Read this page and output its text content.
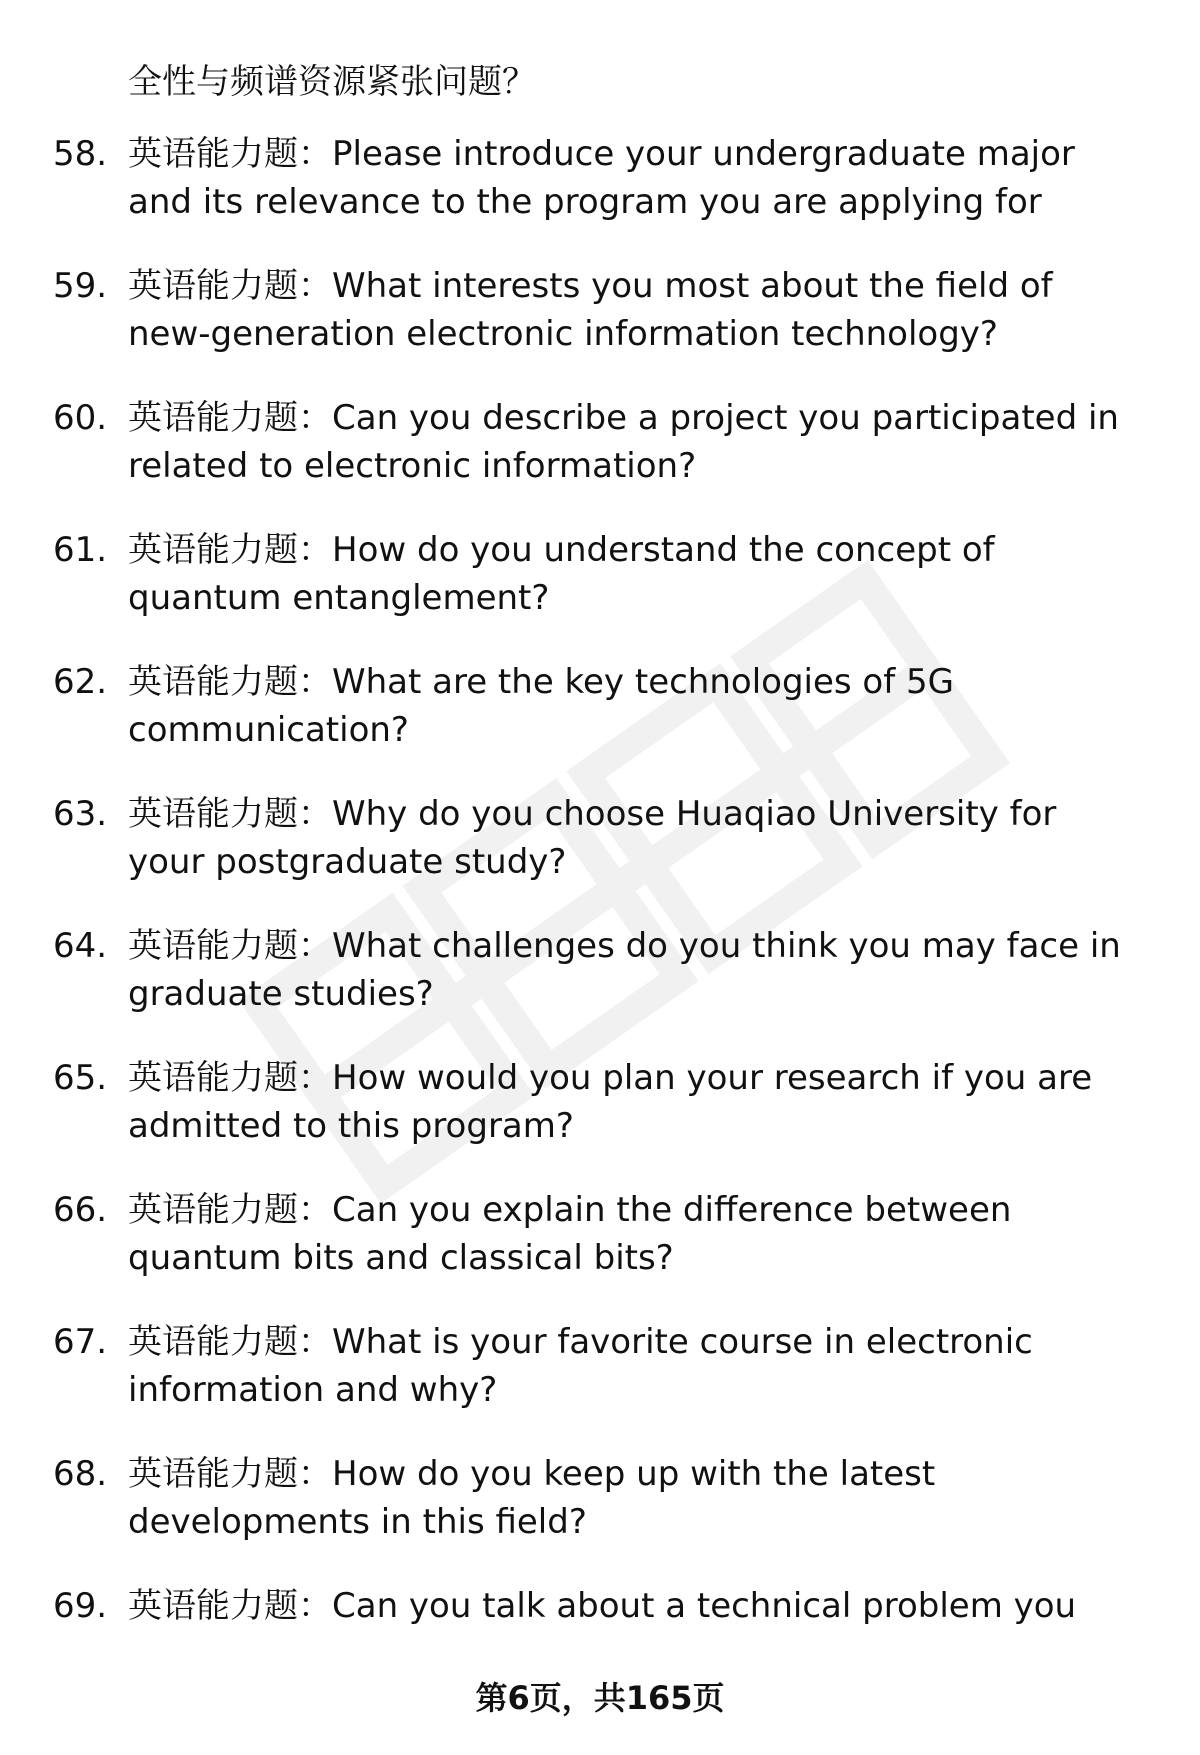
全性与频谱资源紧张问题？
58. 英语能力题：Please introduce your undergraduate major
and its relevance to the program you are applying for
59. 英语能力题：What interests you most about the field of
new-generation electronic information technology?
60. 英语能力题：Can you describe a project you participated in
related to electronic information?
61. 英语能力题：How do you understand the concept of
quantum entanglement?
62. 英语能力题：What are the key technologies of 5G
communication?
63. 英语能力题：Why do you choose Huaqiao University for
your postgraduate study?
64. 英语能力题：What challenges do you think you may face in
graduate studies?
65. 英语能力题：How would you plan your research if you are
admitted to this program?
66. 英语能力题：Can you explain the difference between
quantum bits and classical bits?
67. 英语能力题：What is your favorite course in electronic
information and why?
68. 英语能力题：How do you keep up with the latest
developments in this field?
69. 英语能力题：Can you talk about a technical problem you
第6页，共165页
